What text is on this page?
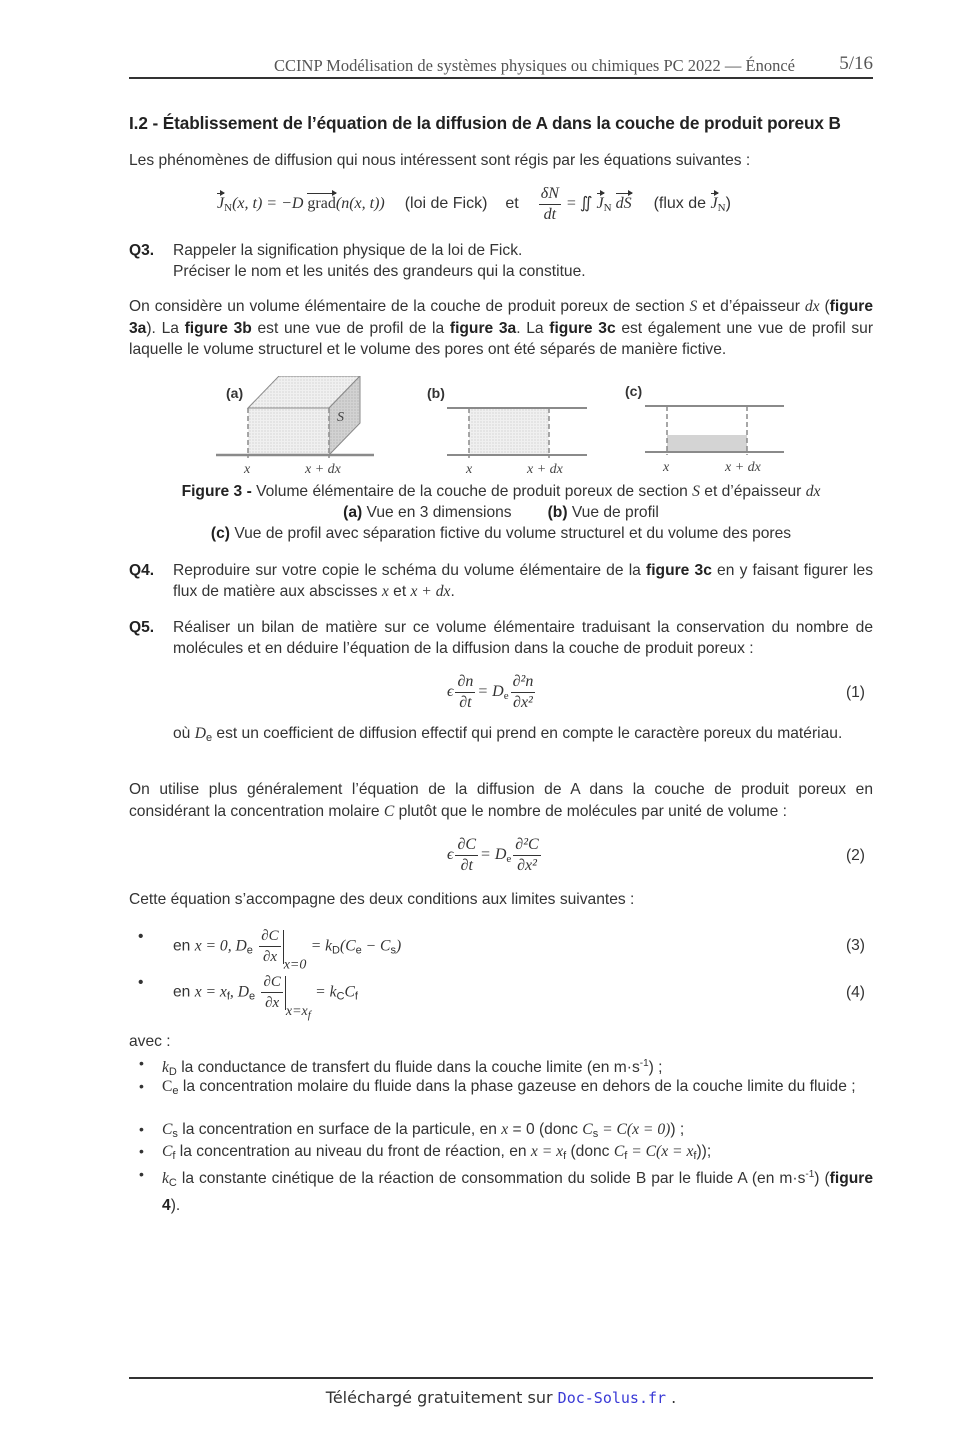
CCINP Modélisation de systèmes physiques ou chimiques PC 2022 — Énoncé 5/16
I.2 - Établissement de l’équation de la diffusion de A dans la couche de produit poreux B
Les phénomènes de diffusion qui nous intéressent sont régis par les équations suivantes :
$J_N(x$, t) = −D grad(n(x, t)) (loi de Fick) et $\frac{\delta N}{dt}$ = ∬ $J_N$ dS (flux de $J_N$)
Q3. Rappeler la signification physique de la loi de Fick.
Préciser le nom et les unités des grandeurs qui la constitue.
On considère un volume élémentaire de la couche de produit poreux de section S et d’épaisseur dx (figure 3a). La figure 3b est une vue de profil de la figure 3a. La figure 3c est également une vue de profil sur laquelle le volume structurel et le volume des pores ont été séparés de manière fictive.
(a)
S
x	x + dx
(b)
x	x + dx
(c)
x	x + dx
Figure 3 - Volume élémentaire de la couche de produit poreux de section S et d’épaisseur dx
(a) Vue en 3 dimensions (b) Vue de profil
(c) Vue de profil avec séparation fictive du volume structurel et du volume des pores
Q4. Reproduire sur votre copie le schéma du volume élémentaire de la figure 3c en y faisant figurer les flux de matière aux abscisses x et x + dx.
Q5. Réaliser un bilan de matière sur ce volume élémentaire traduisant la conservation du nombre de molécules et en déduire l’équation de la diffusion dans la couche de produit poreux :
ϵ $\frac{\partial n}{\partial t} = D_e \frac{\text{∂²n}}{\text{∂x²}}$	(1)
où $D_e$ est un coefficient de diffusion effectif qui prend en compte le caractère poreux du matériau.
On utilise plus généralement l’équation de la diffusion de A dans la couche de produit poreux en considérant la concentration molaire C plutôt que le nombre de molécules par unité de volume :
ϵ $\frac{\partial C}{\partial t} = D_e \frac{\text{∂²C}}{\text{∂x²}}$	(2)
Cette équation s’accompagne des deux conditions aux limites suivantes :
•
en x = 0, $D_e \frac{\partial C}{\partial x} _{x=0} = k_D(C_e - C_s)$	(3)
•
en $x = x_f$, $D_e \frac{\partial C}{\partial x} _{x=x_f} = k_CC_f$	(4)
avec :
• $k_D$ la conductance de transfert du fluide dans la couche limite (en $m\cdot s^{-1}$) ;
• $C_e$ la concentration molaire du fluide dans la phase gazeuse en dehors de la couche limite du fluide ;
• $C_s$ la concentration en surface de la particule, en x = 0 (donc $C_s = C(x = 0)$) ;
• $C_f$ la concentration au niveau du front de réaction, en $x = x_f$ (donc $C_f = C(x = x_f)$);
• $k_C$ la constante cinétique de la réaction de consommation du solide B par le fluide A (en $m\cdot s^{-1}$) (figure 4).
Téléchargé gratuitement sur Doc-Solus.fr .
